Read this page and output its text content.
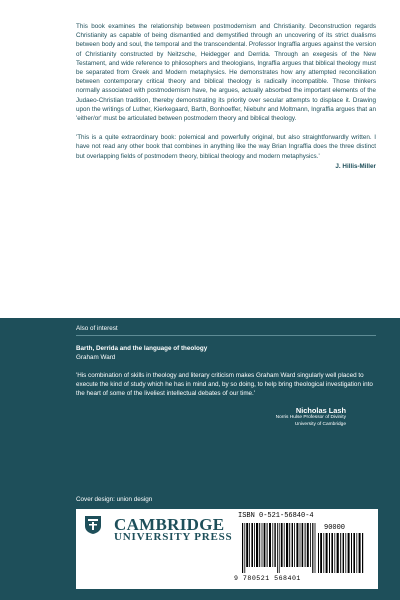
This book examines the relationship between postmodernism and Christianity. Deconstruction regards Christianity as capable of being dismantled and demystified through an uncovering of its strict dualisms between body and soul, the temporal and the transcendental. Professor Ingraffia argues against the version of Christianity constructed by Neitzsche, Heidegger and Derrida. Through an exegesis of the New Testament, and wide reference to philosophers and theologians, Ingraffia argues that biblical theology must be separated from Greek and Modern metaphysics. He demonstrates how any attempted reconciliation between contemporary critical theory and biblical theology is radically incompatible. Those thinkers normally associated with postmodernism have, he argues, actually absorbed the important elements of the Judaeo-Christian tradition, thereby demonstrating its priority over secular attempts to displace it. Drawing upon the writings of Luther, Kierkegaard, Barth, Bonhoeffer, Niebuhr and Moltmann, Ingraffia argues that an 'either/or' must be articulated between postmodern theory and biblical theology.

'This is a quite extraordinary book: polemical and powerfully original, but also straightforwardly written. I have not read any other book that combines in anything like the way Brian Ingraffia does the three distinct but overlapping fields of postmodern theory, biblical theology and modern metaphysics.'

J. Hillis-Miller

Also of interest

Barth, Derrida and the language of theology

Graham Ward

'His combination of skills in theology and literary criticism makes Graham Ward singularly well placed to execute the kind of study which he has in mind and, by so doing, to help bring theological investigation into the heart of some of the liveliest intellectual debates of our time.'

Nicholas Lash
Norris Hulse Professor of Divinity
University of Cambridge
Cover design: union design
CAMBRIDGE
UNIVERSITY PRESS
ISBN 0-521-56840-4
90000
9 780521 568401
